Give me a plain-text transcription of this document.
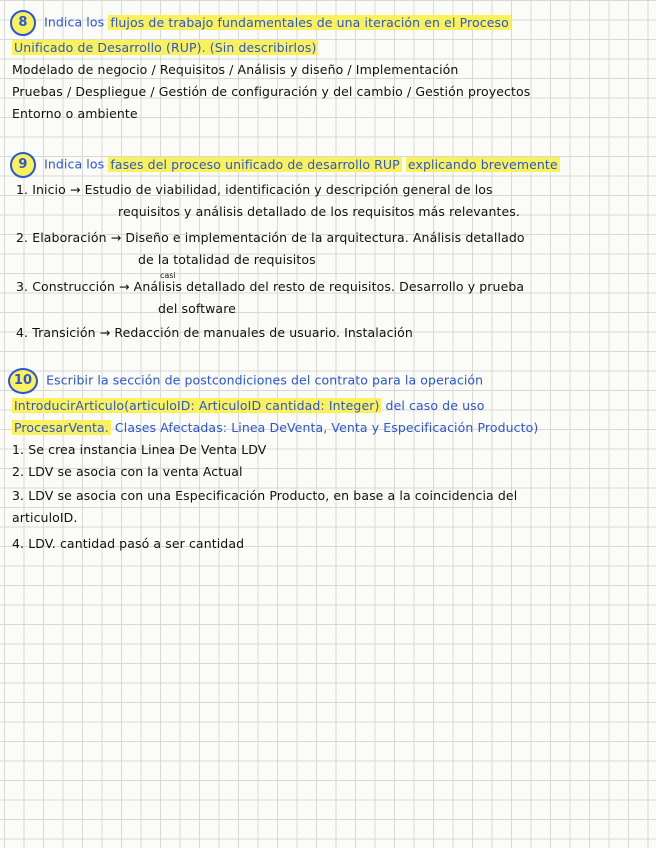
8 Indica los flujos de trabajo fundamentales de una iteración en el Proceso
Unificado de Desarrollo (RUP). (Sin describirlos)
Modelado de negocio / Requisitos / Análisis y diseño / Implementación
Pruebas / Despliegue / Gestión de configuración y del cambio / Gestión proyectos
Entorno o ambiente
9 Indica los fases del proceso unificado de desarrollo RUP explicando brevemente
1. Inicio → Estudio de viabilidad, identificación y descripción general de los
requisitos y análisis detallado de los requisitos más relevantes.
2. Elaboración → Diseño e implementación de la arquitectura. Análisis detallado
de la totalidad de requisitos
casi
3. Construcción → Análisis detallado del resto de requisitos. Desarrollo y prueba
del software
4. Transición → Redacción de manuales de usuario. Instalación
10 Escribir la sección de postcondiciones del contrato para la operación
IntroducirArticulo(articuloID: ArticuloID cantidad: Integer) del caso de uso
ProcesarVenta. Clases Afectadas: Linea DeVenta, Venta y Especificación Producto)
1. Se crea instancia Linea De Venta LDV
2. LDV se asocia con la venta Actual
3. LDV se asocia con una Especificación Producto, en base a la coincidencia del
articuloID.
4. LDV. cantidad pasó a ser cantidad
